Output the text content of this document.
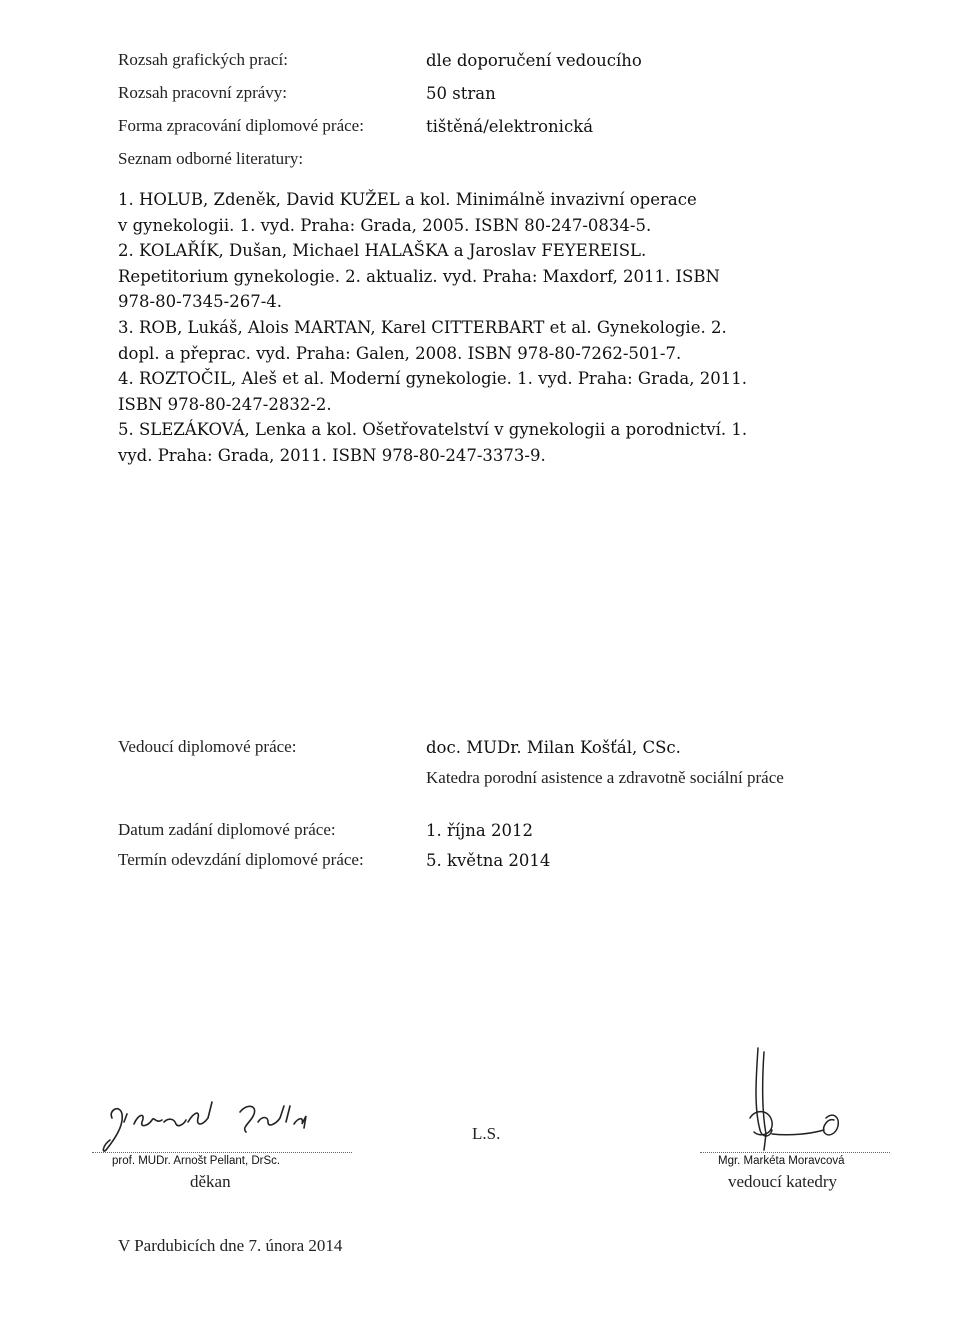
Rozsah grafických prací:	dle doporučení vedoucího
Rozsah pracovní zprávy:	50 stran
Forma zpracování diplomové práce:	tištěná/elektronická
Seznam odborné literatury:
1. HOLUB, Zdeněk, David KUŽEL a kol. Minimálně invazivní operace
v gynekologii. 1. vyd. Praha: Grada, 2005. ISBN 80-247-0834-5.
2. KOLAŘÍK, Dušan, Michael HALAŠKA a Jaroslav FEYEREISL.
Repetitorium gynekologie. 2. aktualiz. vyd. Praha: Maxdorf, 2011. ISBN
978-80-7345-267-4.
3. ROB, Lukáš, Alois MARTAN, Karel CITTERBART et al. Gynekologie. 2.
dopl. a přeprac. vyd. Praha: Galen, 2008. ISBN 978-80-7262-501-7.
4. ROZTOČIL, Aleš et al. Moderní gynekologie. 1. vyd. Praha: Grada, 2011.
ISBN 978-80-247-2832-2.
5. SLEZÁKOVÁ, Lenka a kol. Ošetřovatelství v gynekologii a porodnictví. 1.
vyd. Praha: Grada, 2011. ISBN 978-80-247-3373-9.
Vedoucí diplomové práce:	doc. MUDr. Milan Košťál, CSc.
Katedra porodní asistence a zdravotně sociální práce
Datum zadání diplomové práce:	1. října 2012
Termín odevzdání diplomové práce:	5. května 2014
prof. MUDr. Arnošt Pellant, DrSc.
děkan
L.S.
Mgr. Markéta Moravcová
vedoucí katedry
V Pardubicích dne 7. února 2014
